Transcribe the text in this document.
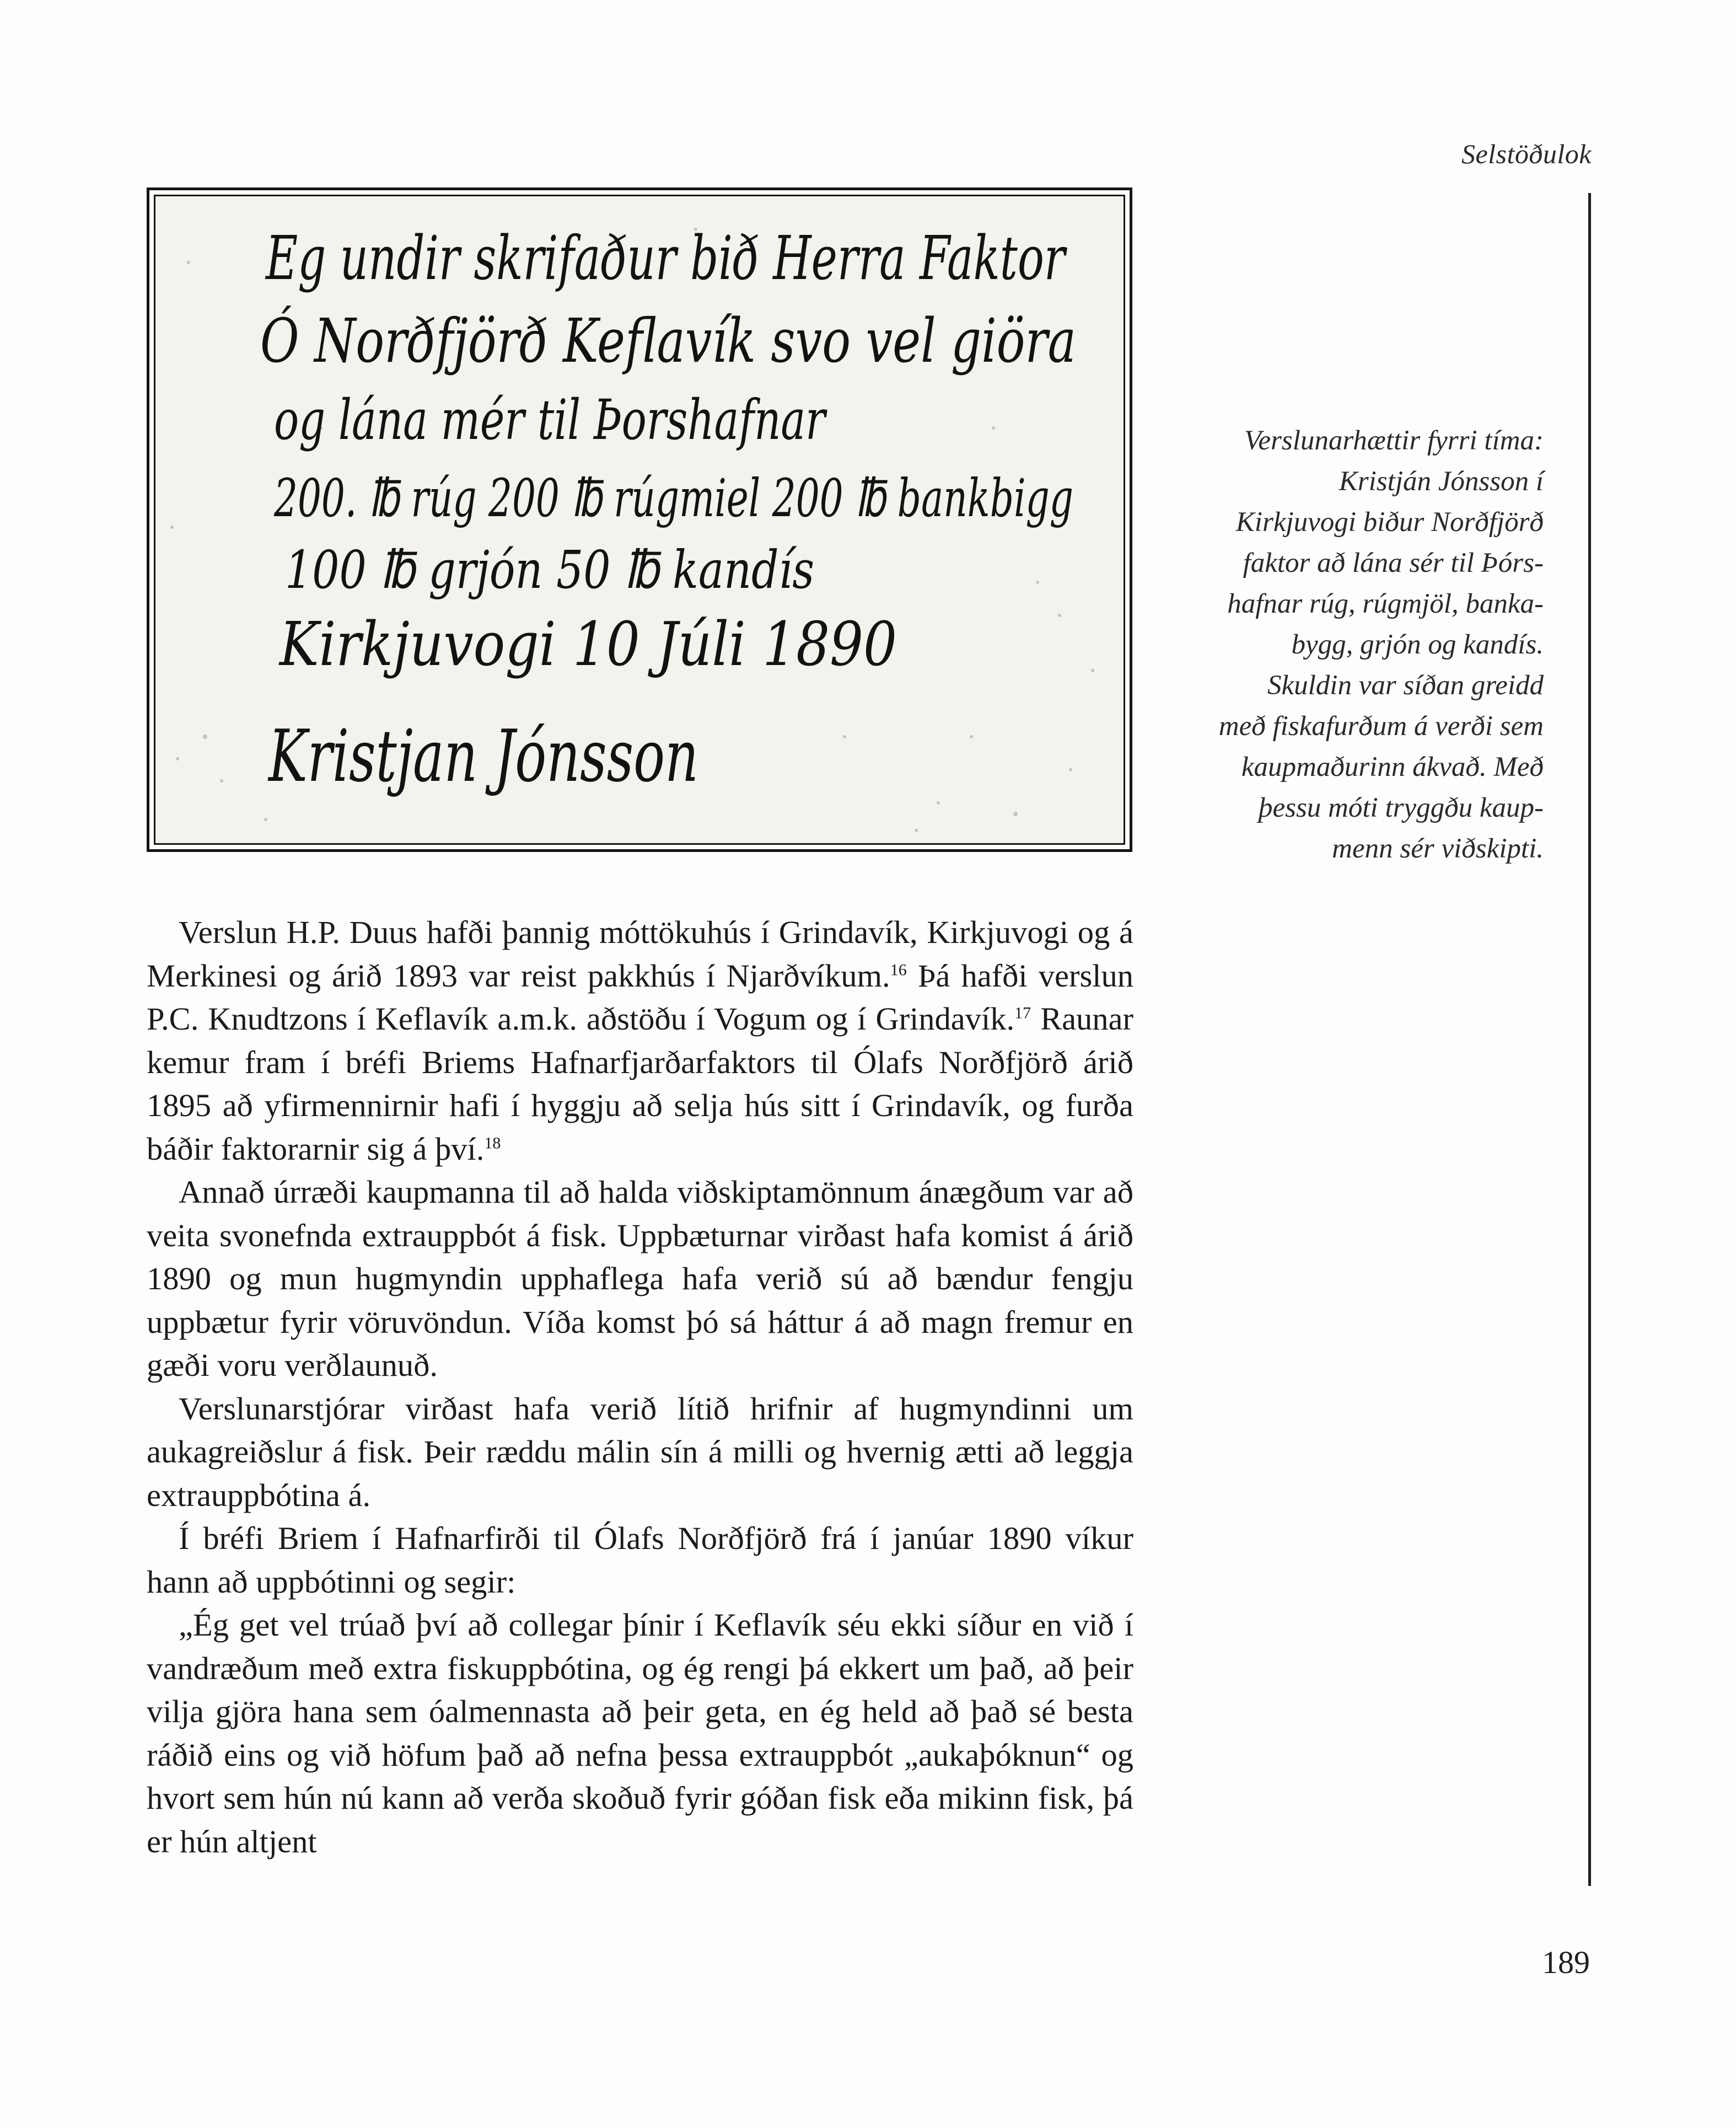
Selstöðulok
Eg undir skrifaður bið Herra Faktor
Ó Norðfjörð Keflavík svo vel giöra
og lána mér til Þorshafnar
200. ℔ rúg 200 ℔ rúgmiel 200 ℔ bankbigg
100 ℔ grjón 50 ℔ kandís
Kirkjuvogi 10 Júli 1890
Kristjan Jónsson
Verslunarhættir fyrri tíma:
Kristján Jónsson í
Kirkjuvogi biður Norðfjörð
faktor að lána sér til Þórs-
hafnar rúg, rúgmjöl, banka-
bygg, grjón og kandís.
Skuldin var síðan greidd
með fiskafurðum á verði sem
kaupmaðurinn ákvað. Með
þessu móti tryggðu kaup-
menn sér viðskipti.

Verslun H.P. Duus hafði þannig móttökuhús í Grindavík, Kirkjuvogi og á Merkinesi og árið 1893 var reist pakkhús í Njarðvíkum.$^{16}$ Þá hafði verslun P.C. Knudtzons í Keflavík a.m.k. aðstöðu í Vogum og í Grindavík.$^{17}$ Raunar kemur fram í bréfi Briems Hafnarfjarðarfaktors til Ólafs Norðfjörð árið 1895 að yfirmennirnir hafi í hyggju að selja hús sitt í Grindavík, og furða báðir faktorarnir sig á því.$^{18}$

Annað úrræði kaupmanna til að halda viðskiptamönnum ánægðum var að veita svonefnda extrauppbót á fisk. Uppbæturnar virðast hafa komist á árið 1890 og mun hugmyndin upphaflega hafa verið sú að bændur fengju uppbætur fyrir vöruvöndun. Víða komst þó sá háttur á að magn fremur en gæði voru verðlaunuð.

Verslunarstjórar virðast hafa verið lítið hrifnir af hugmyndinni um aukagreiðslur á fisk. Þeir ræddu málin sín á milli og hvernig ætti að leggja extrauppbótina á.

Í bréfi Briem í Hafnarfirði til Ólafs Norðfjörð frá í janúar 1890 víkur hann að uppbótinni og segir:

„Ég get vel trúað því að collegar þínir í Keflavík séu ekki síður en við í vandræðum með extra fiskuppbótina, og ég rengi þá ekkert um það, að þeir vilja gjöra hana sem óalmennasta að þeir geta, en ég held að það sé besta ráðið eins og við höfum það að nefna þessa extrauppbót „aukaþóknun“ og hvort sem hún nú kann að verða skoðuð fyrir góðan fisk eða mikinn fisk, þá er hún altjent

189
